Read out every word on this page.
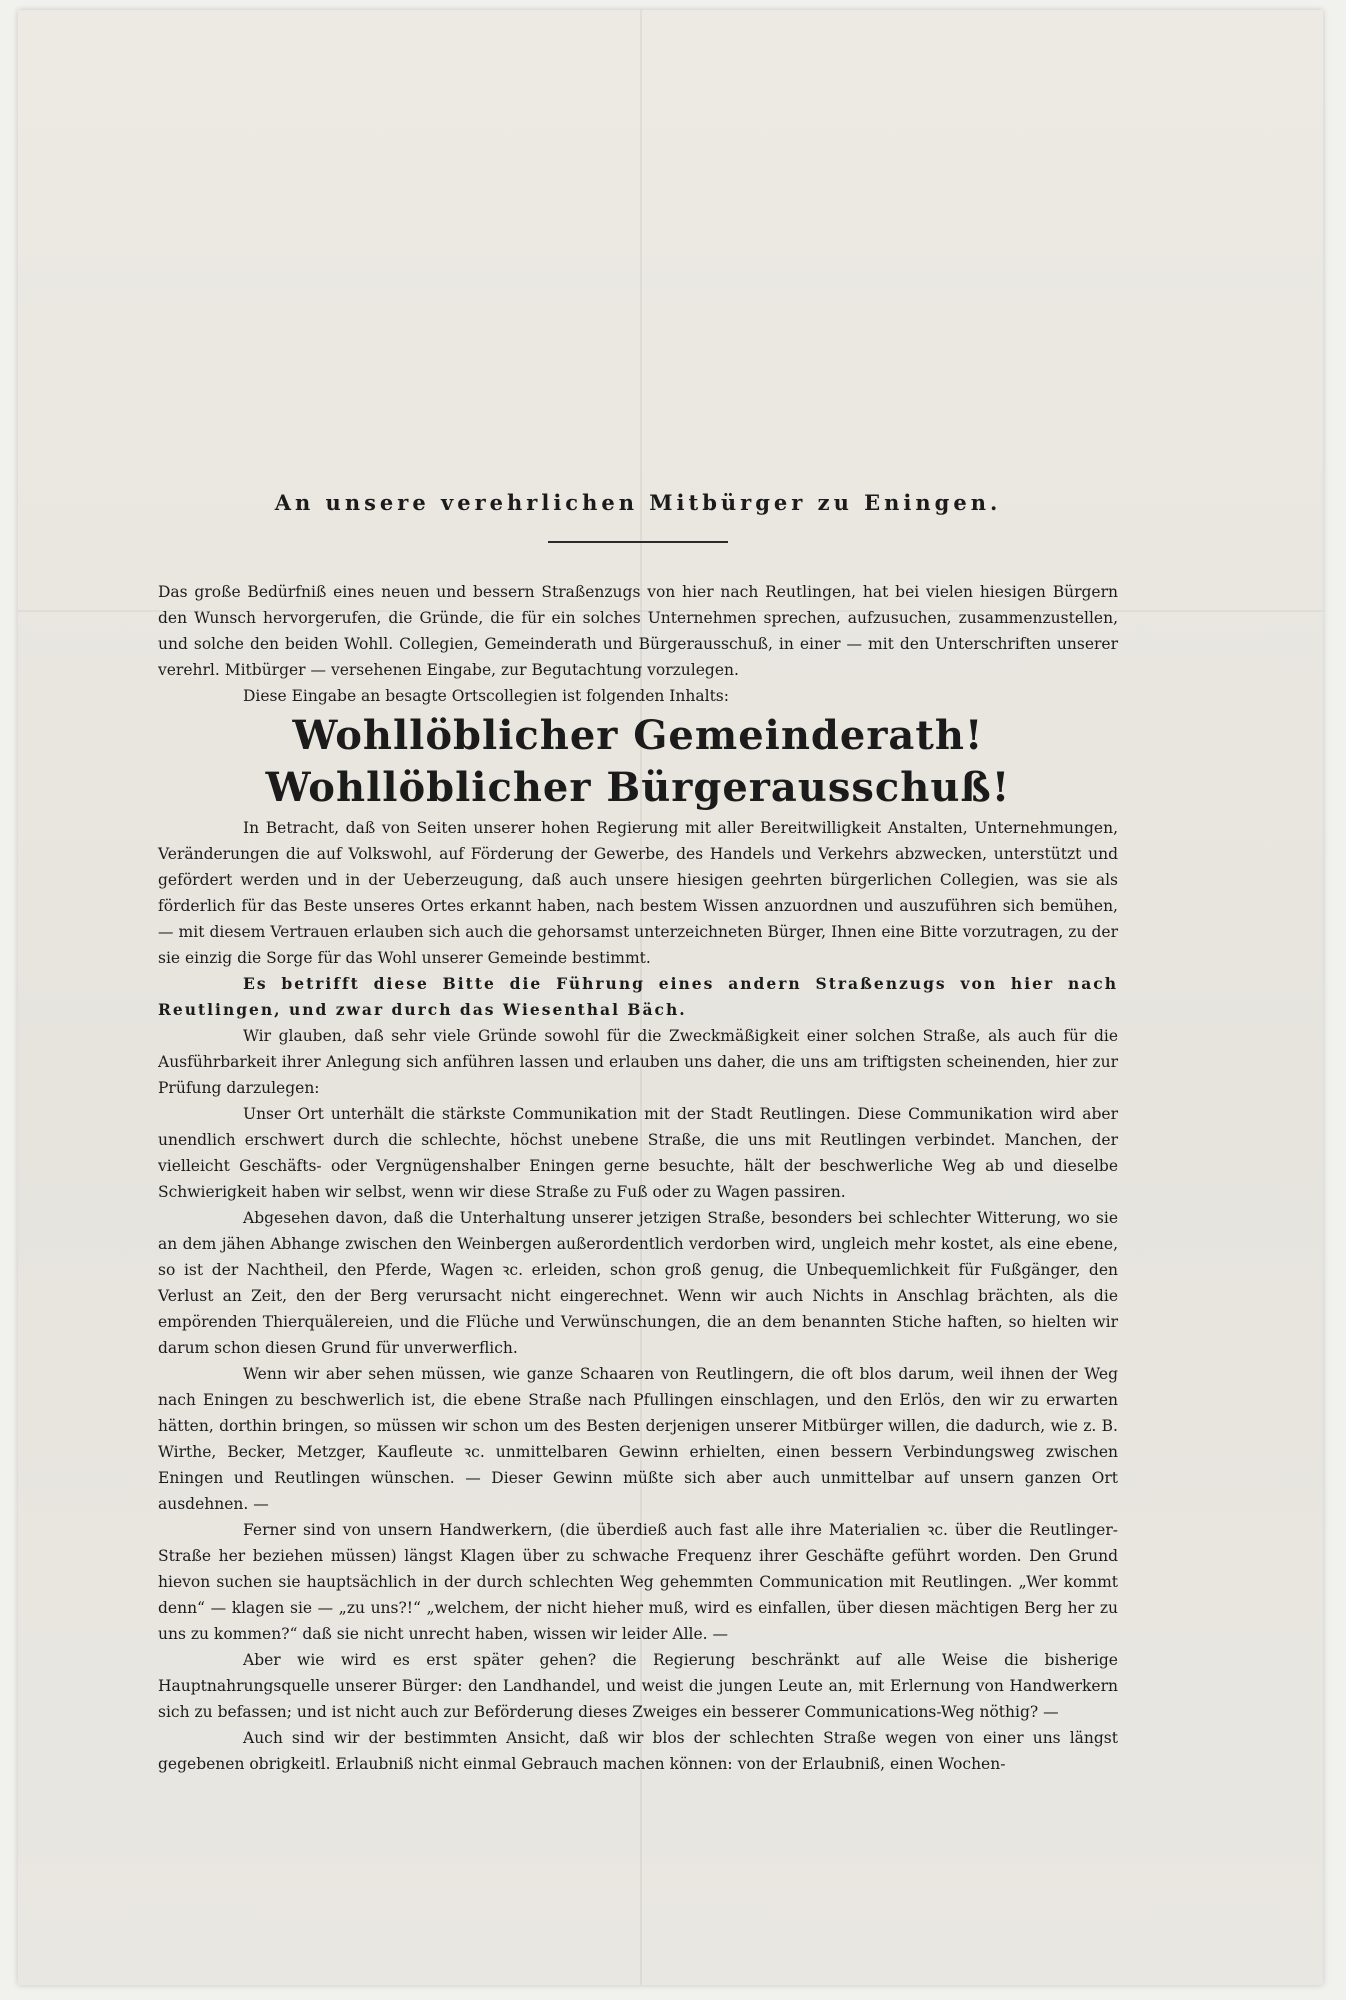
An unsere verehrlichen Mitbürger zu Eningen.

Das große Bedürfniß eines neuen und bessern Straßenzugs von hier nach Reutlingen, hat bei vielen hiesigen Bürgern den Wunsch hervorgerufen, die Gründe, die für ein solches Unternehmen sprechen, aufzusuchen, zusammenzustellen, und solche den beiden Wohll. Collegien, Gemeinderath und Bürgerausschuß, in einer — mit den Unterschriften unserer verehrl. Mitbürger — versehenen Eingabe, zur Begutachtung vorzulegen.

Diese Eingabe an besagte Ortscollegien ist folgenden Inhalts:

Wohllöblicher Gemeinderath!
Wohllöblicher Bürgerausschuß!

In Betracht, daß von Seiten unserer hohen Regierung mit aller Bereitwilligkeit Anstalten, Unternehmungen, Veränderungen die auf Volkswohl, auf Förderung der Gewerbe, des Handels und Verkehrs abzwecken, unterstützt und gefördert werden und in der Ueberzeugung, daß auch unsere hiesigen geehrten bürgerlichen Collegien, was sie als förderlich für das Beste unseres Ortes erkannt haben, nach bestem Wissen anzuordnen und auszuführen sich bemühen, — mit diesem Vertrauen erlauben sich auch die gehorsamst unterzeichneten Bürger, Ihnen eine Bitte vorzutragen, zu der sie einzig die Sorge für das Wohl unserer Gemeinde bestimmt.

Es betrifft diese Bitte die Führung eines andern Straßenzugs von hier nach Reutlingen, und zwar durch das Wiesenthal Bäch.

Wir glauben, daß sehr viele Gründe sowohl für die Zweckmäßigkeit einer solchen Straße, als auch für die Ausführbarkeit ihrer Anlegung sich anführen lassen und erlauben uns daher, die uns am triftigsten scheinenden, hier zur Prüfung darzulegen:

Unser Ort unterhält die stärkste Communikation mit der Stadt Reutlingen. Diese Communikation wird aber unendlich erschwert durch die schlechte, höchst unebene Straße, die uns mit Reutlingen verbindet. Manchen, der vielleicht Geschäfts- oder Vergnügenshalber Eningen gerne besuchte, hält der beschwerliche Weg ab und dieselbe Schwierigkeit haben wir selbst, wenn wir diese Straße zu Fuß oder zu Wagen passiren.

Abgesehen davon, daß die Unterhaltung unserer jetzigen Straße, besonders bei schlechter Witterung, wo sie an dem jähen Abhange zwischen den Weinbergen außerordentlich verdorben wird, ungleich mehr kostet, als eine ebene, so ist der Nachtheil, den Pferde, Wagen ꝛc. erleiden, schon groß genug, die Unbequemlichkeit für Fußgänger, den Verlust an Zeit, den der Berg verursacht nicht eingerechnet. Wenn wir auch Nichts in Anschlag brächten, als die empörenden Thierquälereien, und die Flüche und Verwünschungen, die an dem benannten Stiche haften, so hielten wir darum schon diesen Grund für unverwerflich.

Wenn wir aber sehen müssen, wie ganze Schaaren von Reutlingern, die oft blos darum, weil ihnen der Weg nach Eningen zu beschwerlich ist, die ebene Straße nach Pfullingen einschlagen, und den Erlös, den wir zu erwarten hätten, dorthin bringen, so müssen wir schon um des Besten derjenigen unserer Mitbürger willen, die dadurch, wie z. B. Wirthe, Becker, Metzger, Kaufleute ꝛc. unmittelbaren Gewinn erhielten, einen bessern Verbindungsweg zwischen Eningen und Reutlingen wünschen. — Dieser Gewinn müßte sich aber auch unmittelbar auf unsern ganzen Ort ausdehnen. —

Ferner sind von unsern Handwerkern, (die überdieß auch fast alle ihre Materialien ꝛc. über die Reutlinger-Straße her beziehen müssen) längst Klagen über zu schwache Frequenz ihrer Geschäfte geführt worden. Den Grund hievon suchen sie hauptsächlich in der durch schlechten Weg gehemmten Communication mit Reutlingen. „Wer kommt denn“ — klagen sie — „zu uns?!“ „welchem, der nicht hieher muß, wird es einfallen, über diesen mächtigen Berg her zu uns zu kommen?“ daß sie nicht unrecht haben, wissen wir leider Alle. —

Aber wie wird es erst später gehen? die Regierung beschränkt auf alle Weise die bisherige Hauptnahrungsquelle unserer Bürger: den Landhandel, und weist die jungen Leute an, mit Erlernung von Handwerkern sich zu befassen; und ist nicht auch zur Beförderung dieses Zweiges ein besserer Communications-Weg nöthig? —

Auch sind wir der bestimmten Ansicht, daß wir blos der schlechten Straße wegen von einer uns längst gegebenen obrigkeitl. Erlaubniß nicht einmal Gebrauch machen können: von der Erlaubniß, einen Wochen-
